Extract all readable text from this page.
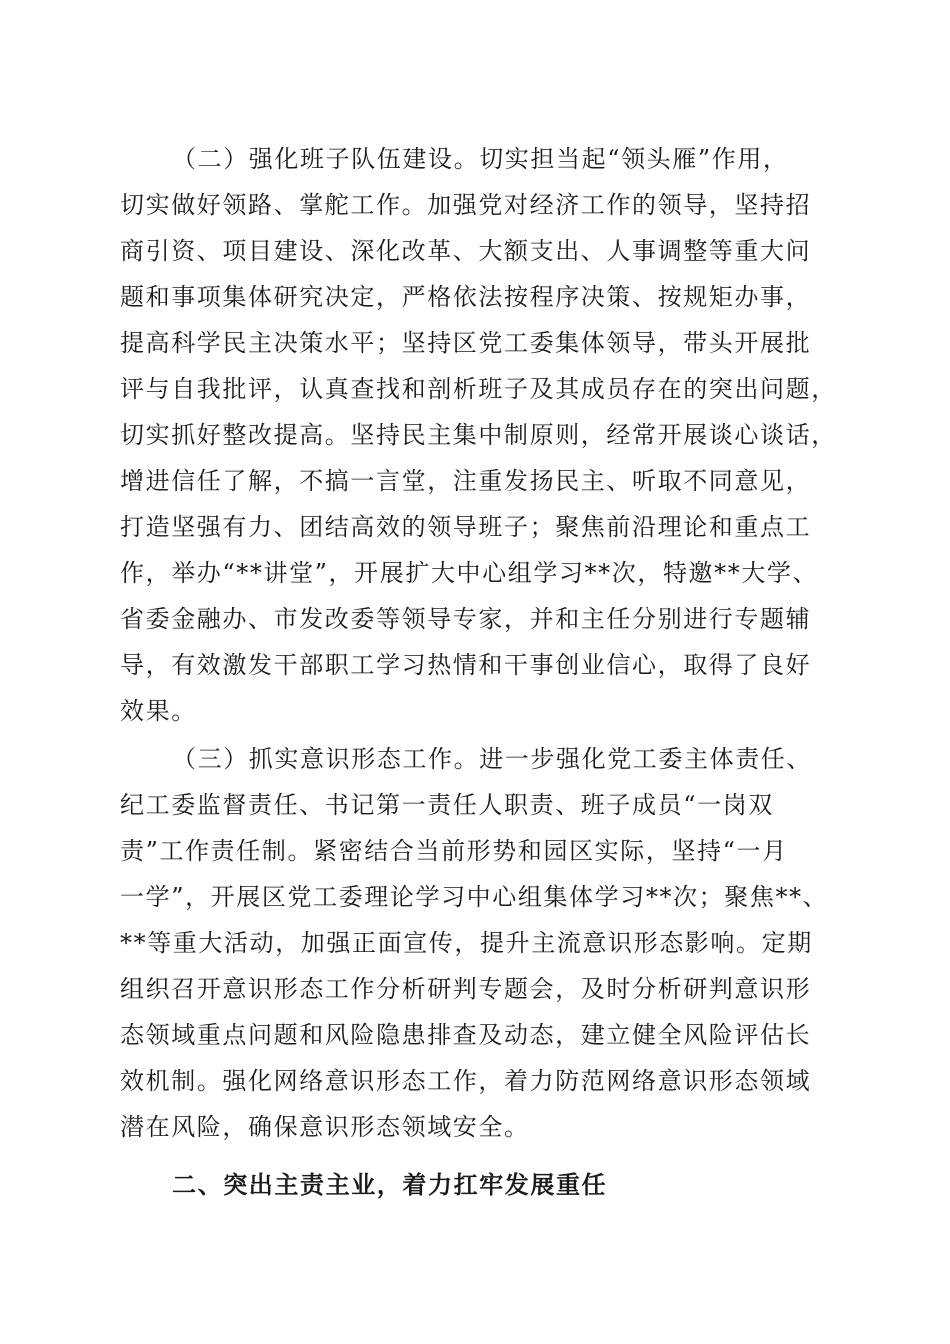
（二）强化班子队伍建设。切实担当起“领头雁”作用，
切实做好领路、掌舵工作。加强党对经济工作的领导，坚持招
商引资、项目建设、深化改革、大额支出、人事调整等重大问
题和事项集体研究决定，严格依法按程序决策、按规矩办事，
提高科学民主决策水平；坚持区党工委集体领导，带头开展批
评与自我批评，认真查找和剖析班子及其成员存在的突出问题，
切实抓好整改提高。坚持民主集中制原则，经常开展谈心谈话，
增进信任了解，不搞一言堂，注重发扬民主、听取不同意见，
打造坚强有力、团结高效的领导班子；聚焦前沿理论和重点工
作，举办“**讲堂”，开展扩大中心组学习**次，特邀**大学、
省委金融办、市发改委等领导专家，并和主任分别进行专题辅
导，有效激发干部职工学习热情和干事创业信心，取得了良好
效果。
（三）抓实意识形态工作。进一步强化党工委主体责任、
纪工委监督责任、书记第一责任人职责、班子成员“一岗双
责”工作责任制。紧密结合当前形势和园区实际，坚持“一月
一学”，开展区党工委理论学习中心组集体学习**次；聚焦**、
**等重大活动，加强正面宣传，提升主流意识形态影响。定期
组织召开意识形态工作分析研判专题会，及时分析研判意识形
态领域重点问题和风险隐患排查及动态，建立健全风险评估长
效机制。强化网络意识形态工作，着力防范网络意识形态领域
潜在风险，确保意识形态领域安全。
二、突出主责主业，着力扛牢发展重任
